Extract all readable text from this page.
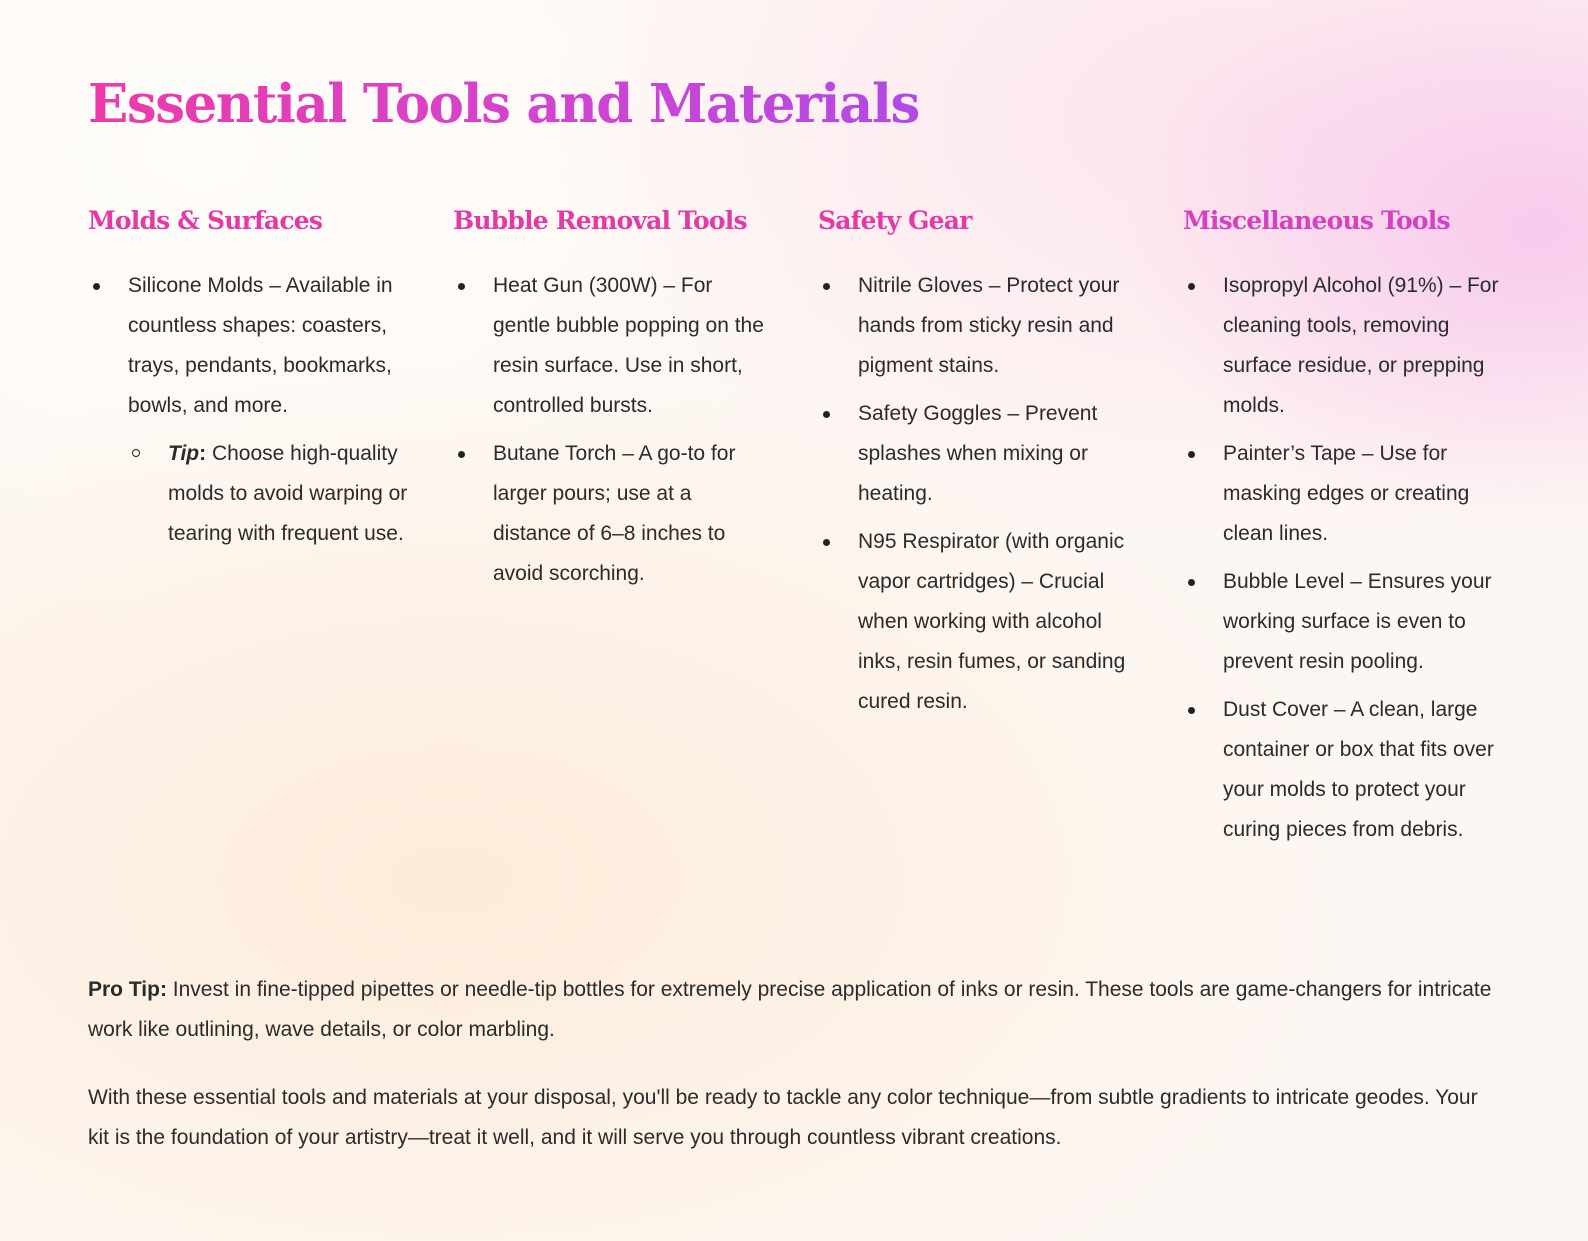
Essential Tools and Materials
Molds & Surfaces
Silicone Molds – Available in countless shapes: coasters, trays, pendants, bookmarks, bowls, and more.
Tip: Choose high-quality molds to avoid warping or tearing with frequent use.
Bubble Removal Tools
Heat Gun (300W) – For gentle bubble popping on the resin surface. Use in short, controlled bursts.
Butane Torch – A go-to for larger pours; use at a distance of 6–8 inches to avoid scorching.
Safety Gear
Nitrile Gloves – Protect your hands from sticky resin and pigment stains.
Safety Goggles – Prevent splashes when mixing or heating.
N95 Respirator (with organic vapor cartridges) – Crucial when working with alcohol inks, resin fumes, or sanding cured resin.
Miscellaneous Tools
Isopropyl Alcohol (91%) – For cleaning tools, removing surface residue, or prepping molds.
Painter’s Tape – Use for masking edges or creating clean lines.
Bubble Level – Ensures your working surface is even to prevent resin pooling.
Dust Cover – A clean, large container or box that fits over your molds to protect your curing pieces from debris.

Pro Tip: Invest in fine-tipped pipettes or needle-tip bottles for extremely precise application of inks or resin. These tools are game-changers for intricate work like outlining, wave details, or color marbling.

With these essential tools and materials at your disposal, you'll be ready to tackle any color technique—from subtle gradients to intricate geodes. Your kit is the foundation of your artistry—treat it well, and it will serve you through countless vibrant creations.
